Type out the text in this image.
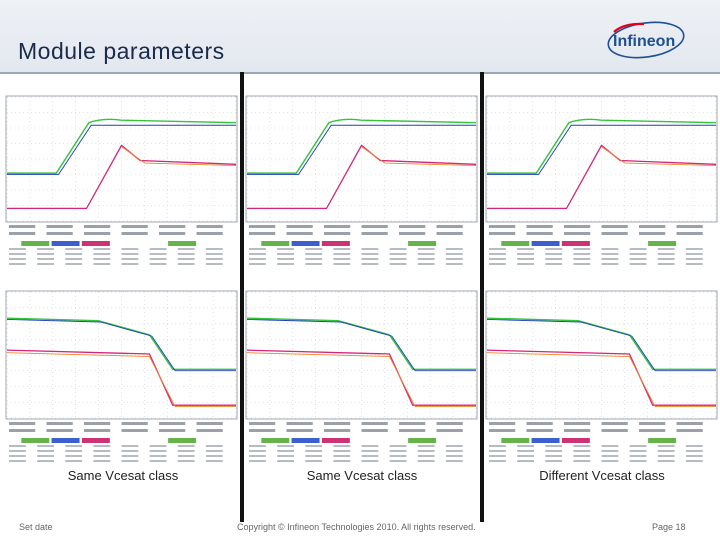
Module parameters	Infineon
Same Vcesat class	Same Vcesat class	Different Vcesat class
Set date	Copyright © Infineon Technologies 2010. All rights reserved.	Page 18
